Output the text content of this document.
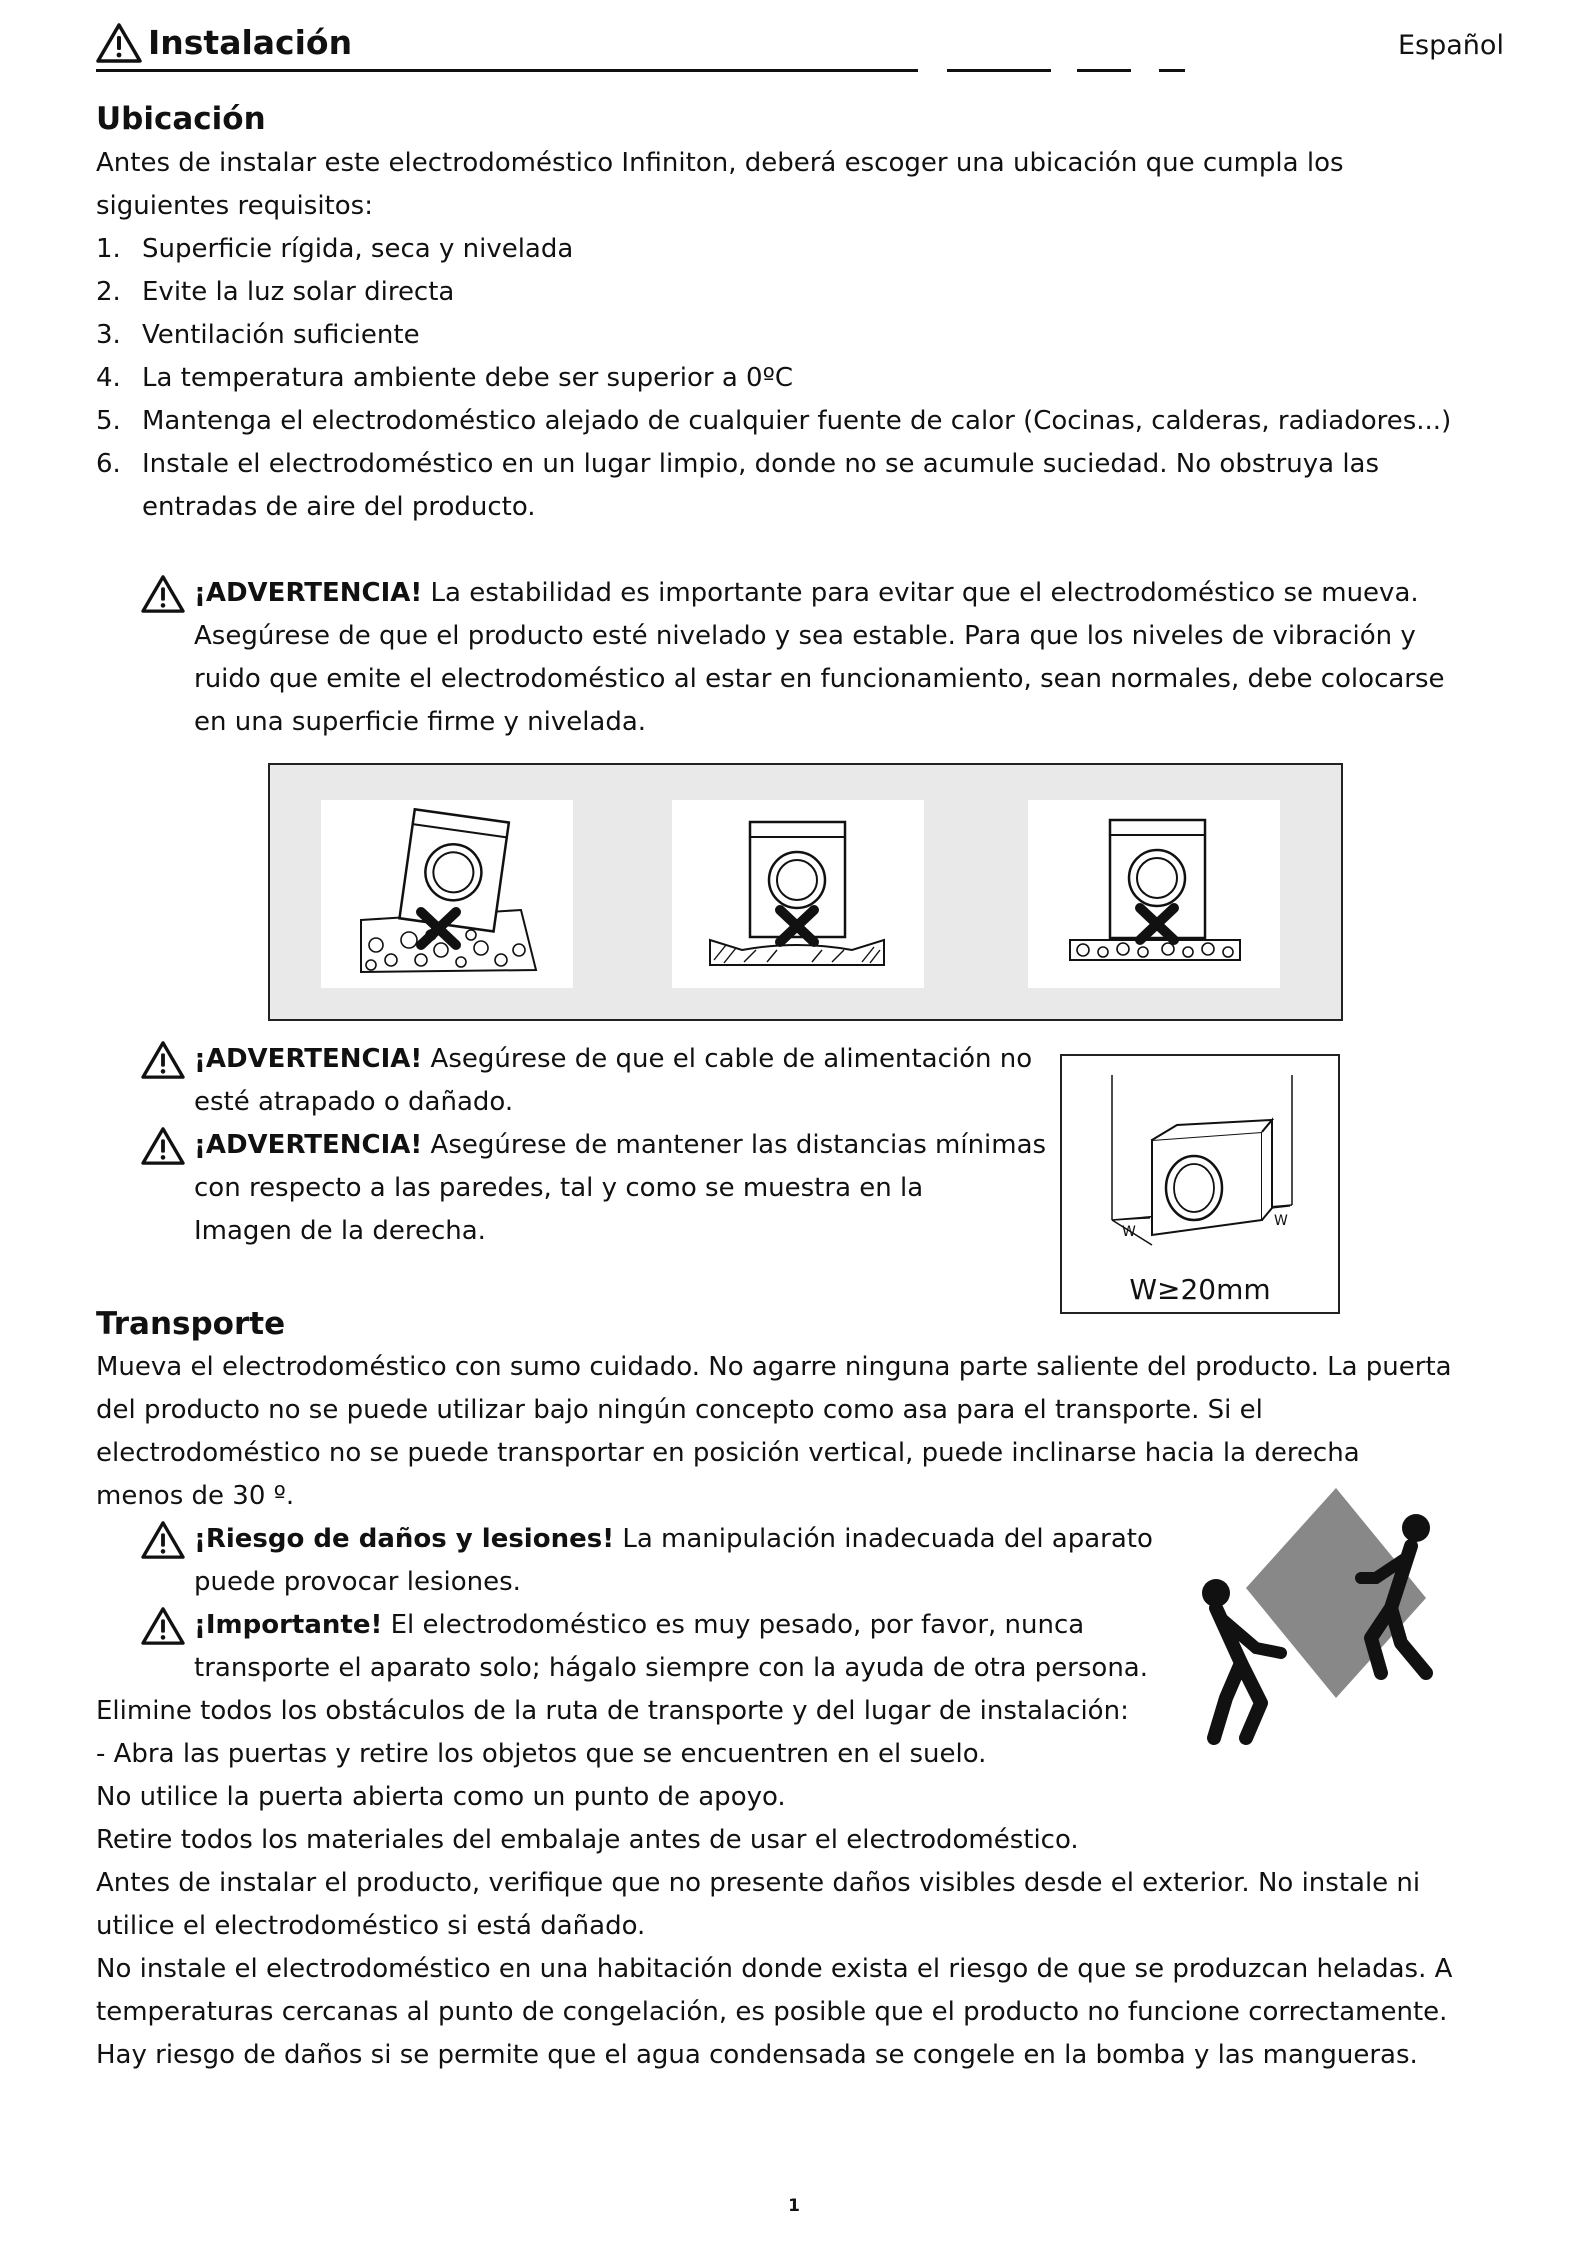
Instalación	Español
Ubicación
Antes de instalar este electrodoméstico Infiniton, deberá escoger una ubicación que cumpla los
siguientes requisitos:
1. Superficie rígida, seca y nivelada
2. Evite la luz solar directa
3. Ventilación suficiente
4. La temperatura ambiente debe ser superior a 0ºC
5. Mantenga el electrodoméstico alejado de cualquier fuente de calor (Cocinas, calderas, radiadores...)
6. Instale el electrodoméstico en un lugar limpio, donde no se acumule suciedad. No obstruya las
entradas de aire del producto.
¡ADVERTENCIA! La estabilidad es importante para evitar que el electrodoméstico se mueva.
Asegúrese de que el producto esté nivelado y sea estable. Para que los niveles de vibración y
ruido que emite el electrodoméstico al estar en funcionamiento, sean normales, debe colocarse
en una superficie firme y nivelada.
¡ADVERTENCIA! Asegúrese de que el cable de alimentación no
esté atrapado o dañado.
¡ADVERTENCIA! Asegúrese de mantener las distancias mínimas
con respecto a las paredes, tal y como se muestra en la
Imagen de la derecha.	W
W
W≥20mm
Transporte
Mueva el electrodoméstico con sumo cuidado. No agarre ninguna parte saliente del producto. La puerta
del producto no se puede utilizar bajo ningún concepto como asa para el transporte. Si el
electrodoméstico no se puede transportar en posición vertical, puede inclinarse hacia la derecha
menos de 30 º.
¡Riesgo de daños y lesiones! La manipulación inadecuada del aparato
puede provocar lesiones.
¡Importante! El electrodoméstico es muy pesado, por favor, nunca
transporte el aparato solo; hágalo siempre con la ayuda de otra persona.
Elimine todos los obstáculos de la ruta de transporte y del lugar de instalación:
- Abra las puertas y retire los objetos que se encuentren en el suelo.
No utilice la puerta abierta como un punto de apoyo.
Retire todos los materiales del embalaje antes de usar el electrodoméstico.
Antes de instalar el producto, verifique que no presente daños visibles desde el exterior. No instale ni
utilice el electrodoméstico si está dañado.
No instale el electrodoméstico en una habitación donde exista el riesgo de que se produzcan heladas. A
temperaturas cercanas al punto de congelación, es posible que el producto no funcione correctamente.
Hay riesgo de daños si se permite que el agua condensada se congele en la bomba y las mangueras.
1
